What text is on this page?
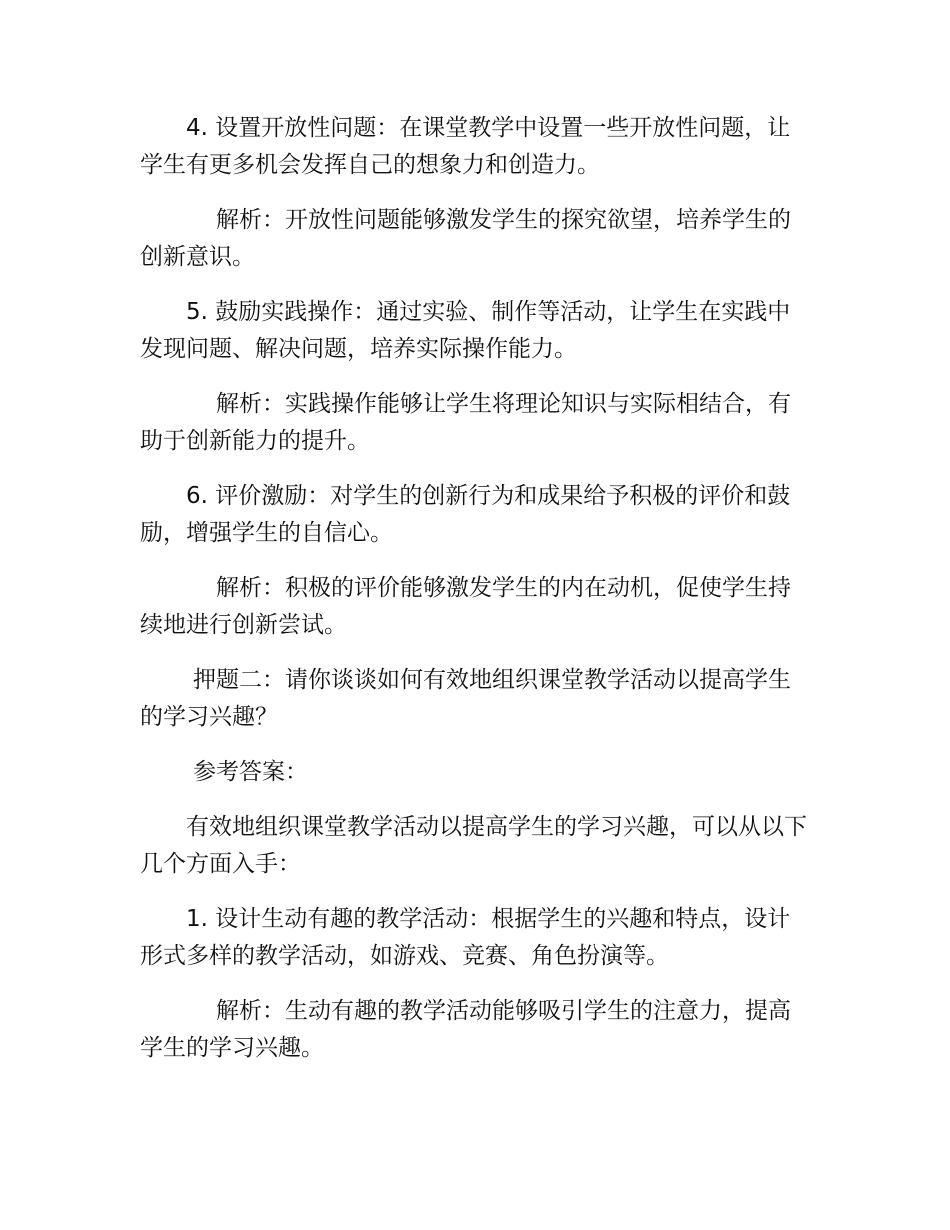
4. 设置开放性问题：在课堂教学中设置一些开放性问题，让学生有更多机会发挥自己的想象力和创造力。

解析：开放性问题能够激发学生的探究欲望，培养学生的创新意识。

5. 鼓励实践操作：通过实验、制作等活动，让学生在实践中发现问题、解决问题，培养实际操作能力。

解析：实践操作能够让学生将理论知识与实际相结合，有助于创新能力的提升。

6. 评价激励：对学生的创新行为和成果给予积极的评价和鼓励，增强学生的自信心。

解析：积极的评价能够激发学生的内在动机，促使学生持续地进行创新尝试。

押题二：请你谈谈如何有效地组织课堂教学活动以提高学生的学习兴趣？

参考答案：

有效地组织课堂教学活动以提高学生的学习兴趣，可以从以下几个方面入手：

1. 设计生动有趣的教学活动：根据学生的兴趣和特点，设计形式多样的教学活动，如游戏、竞赛、角色扮演等。

解析：生动有趣的教学活动能够吸引学生的注意力，提高学生的学习兴趣。
